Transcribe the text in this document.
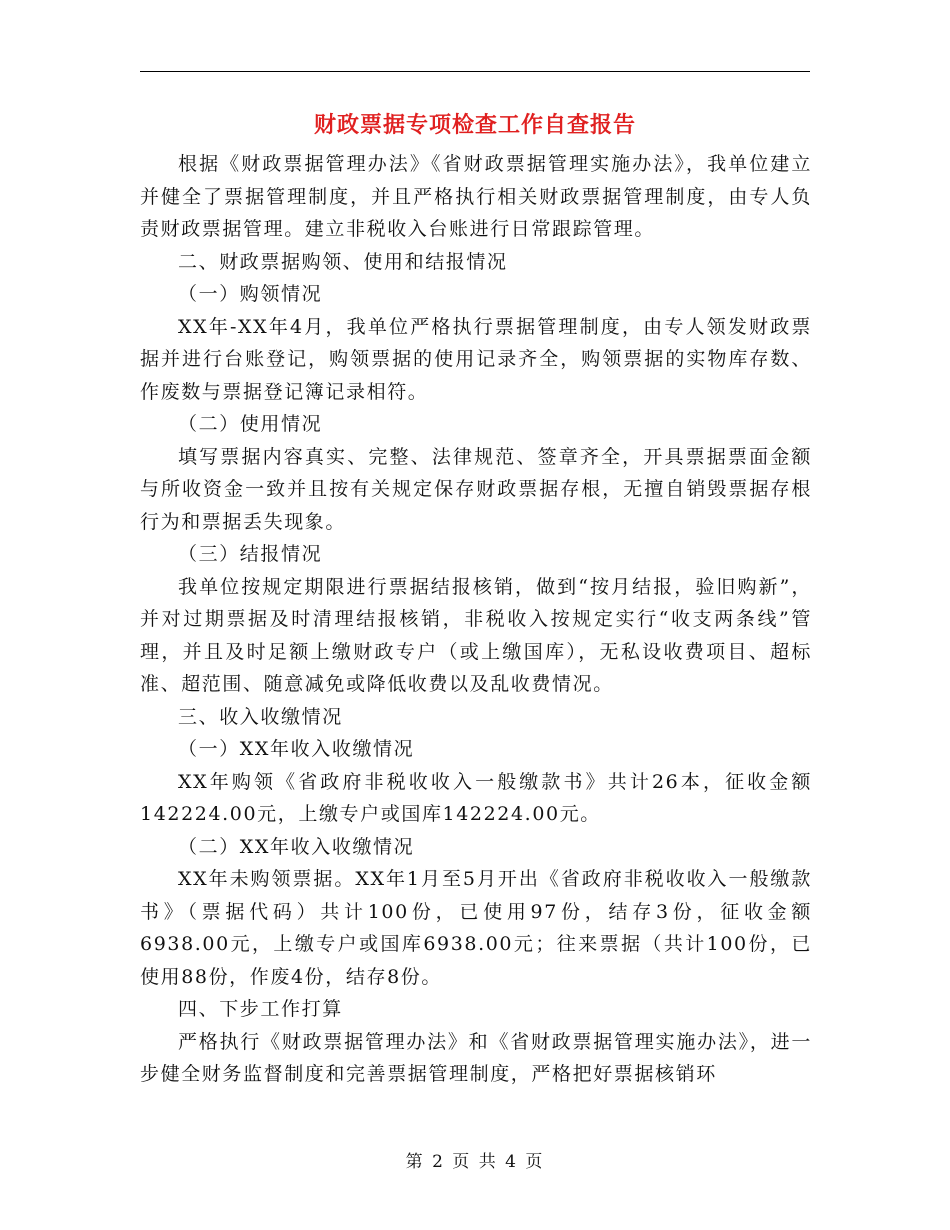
财政票据专项检查工作自查报告

根据《财政票据管理办法》《省财政票据管理实施办法》，我单位建立并健全了票据管理制度，并且严格执行相关财政票据管理制度，由专人负责财政票据管理。建立非税收入台账进行日常跟踪管理。

二、财政票据购领、使用和结报情况

（一）购领情况

XX年-XX年4月，我单位严格执行票据管理制度，由专人领发财政票据并进行台账登记，购领票据的使用记录齐全，购领票据的实物库存数、作废数与票据登记簿记录相符。

（二）使用情况

填写票据内容真实、完整、法律规范、签章齐全，开具票据票面金额与所收资金一致并且按有关规定保存财政票据存根，无擅自销毁票据存根行为和票据丢失现象。

（三）结报情况

我单位按规定期限进行票据结报核销，做到“按月结报，验旧购新”，并对过期票据及时清理结报核销，非税收入按规定实行“收支两条线”管理，并且及时足额上缴财政专户（或上缴国库），无私设收费项目、超标准、超范围、随意减免或降低收费以及乱收费情况。

三、收入收缴情况

（一）XX年收入收缴情况

XX年购领《省政府非税收收入一般缴款书》共计26本，征收金额142224.00元，上缴专户或国库142224.00元。

（二）XX年收入收缴情况

XX年未购领票据。XX年1月至5月开出《省政府非税收收入一般缴款书》（票据代码）共计100份，已使用97份，结存3份，征收金额6938.00元，上缴专户或国库6938.00元；往来票据（共计100份，已使用88份，作废4份，结存8份。

四、下步工作打算

严格执行《财政票据管理办法》和《省财政票据管理实施办法》，进一步健全财务监督制度和完善票据管理制度，严格把好票据核销环

第 2 页 共 4 页
